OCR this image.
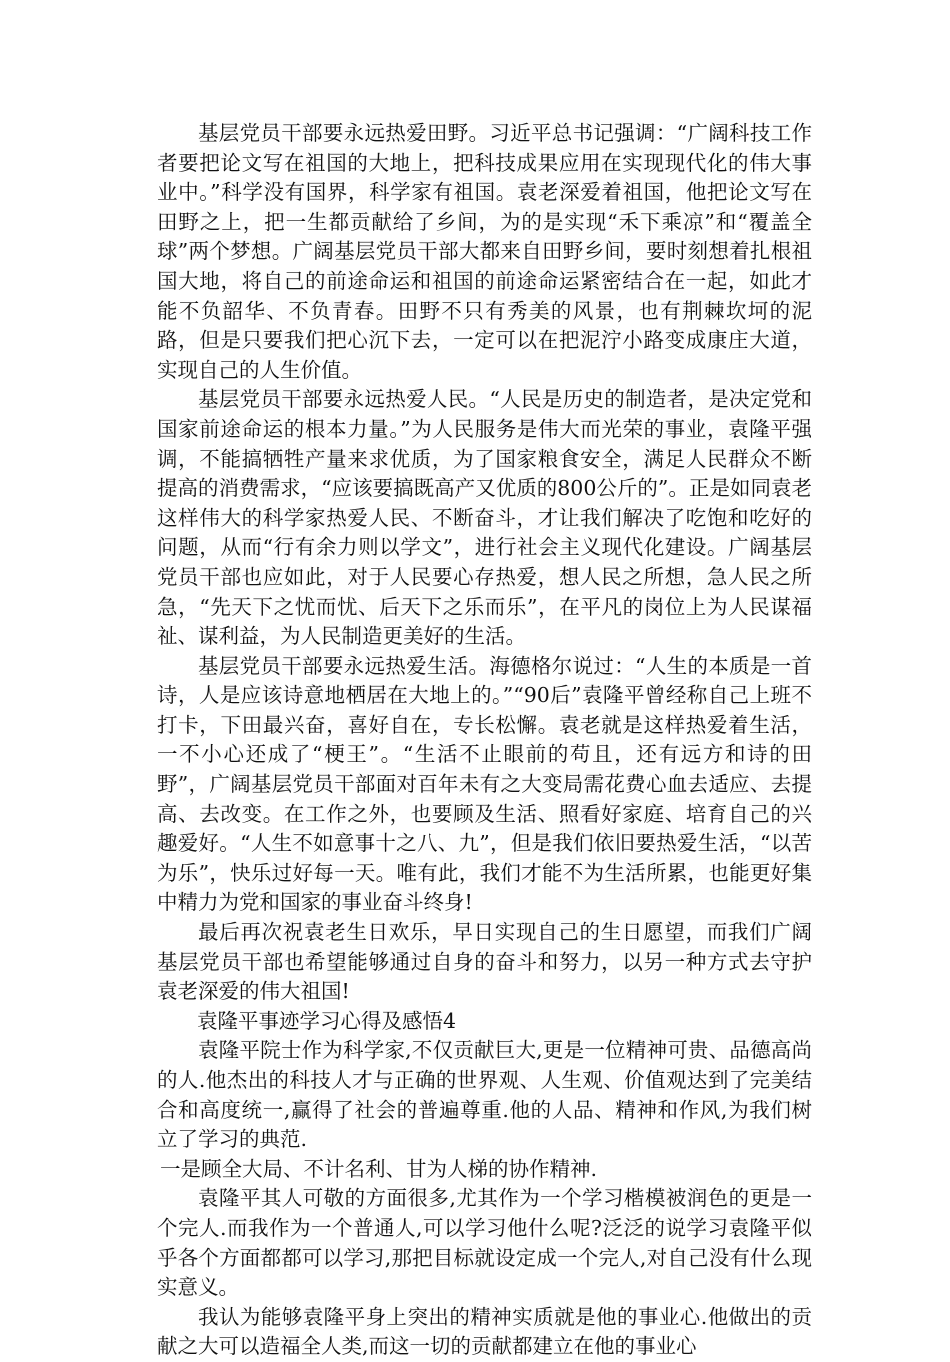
基层党员干部要永远热爱田野。习近平总书记强调：“广阔科技工作者要把论文写在祖国的大地上，把科技成果应用在实现现代化的伟大事业中。”科学没有国界，科学家有祖国。袁老深爱着祖国，他把论文写在田野之上，把一生都贡献给了乡间，为的是实现“禾下乘凉”和“覆盖全球”两个梦想。广阔基层党员干部大都来自田野乡间，要时刻想着扎根祖国大地，将自己的前途命运和祖国的前途命运紧密结合在一起，如此才能不负韶华、不负青春。田野不只有秀美的风景，也有荆棘坎坷的泥路，但是只要我们把心沉下去，一定可以在把泥泞小路变成康庄大道，实现自己的人生价值。

基层党员干部要永远热爱人民。“人民是历史的制造者，是决定党和国家前途命运的根本力量。”为人民服务是伟大而光荣的事业，袁隆平强调，不能搞牺牲产量来求优质，为了国家粮食安全，满足人民群众不断提高的消费需求，“应该要搞既高产又优质的800公斤的”。正是如同袁老这样伟大的科学家热爱人民、不断奋斗，才让我们解决了吃饱和吃好的问题，从而“行有余力则以学文”，进行社会主义现代化建设。广阔基层党员干部也应如此，对于人民要心存热爱，想人民之所想，急人民之所急，“先天下之忧而忧、后天下之乐而乐”，在平凡的岗位上为人民谋福祉、谋利益，为人民制造更美好的生活。

基层党员干部要永远热爱生活。海德格尔说过：“人生的本质是一首诗，人是应该诗意地栖居在大地上的。”“90后”袁隆平曾经称自己上班不打卡，下田最兴奋，喜好自在，专长松懈。袁老就是这样热爱着生活，一不小心还成了“梗王”。“生活不止眼前的苟且，还有远方和诗的田野”，广阔基层党员干部面对百年未有之大变局需花费心血去适应、去提高、去改变。在工作之外，也要顾及生活、照看好家庭、培育自己的兴趣爱好。“人生不如意事十之八、九”，但是我们依旧要热爱生活，“以苦为乐”，快乐过好每一天。唯有此，我们才能不为生活所累，也能更好集中精力为党和国家的事业奋斗终身!

最后再次祝袁老生日欢乐，早日实现自己的生日愿望，而我们广阔基层党员干部也希望能够通过自身的奋斗和努力，以另一种方式去守护袁老深爱的伟大祖国!

袁隆平事迹学习心得及感悟4

袁隆平院士作为科学家,不仅贡献巨大,更是一位精神可贵、品德高尚的人.他杰出的科技人才与正确的世界观、人生观、价值观达到了完美结合和高度统一,赢得了社会的普遍尊重.他的人品、精神和作风,为我们树立了学习的典范.

一是顾全大局、不计名利、甘为人梯的协作精神.

袁隆平其人可敬的方面很多,尤其作为一个学习楷模被润色的更是一个完人.而我作为一个普通人,可以学习他什么呢?泛泛的说学习袁隆平似乎各个方面都都可以学习,那把目标就设定成一个完人,对自己没有什么现实意义。

我认为能够袁隆平身上突出的精神实质就是他的事业心.他做出的贡献之大可以造福全人类,而这一切的贡献都建立在他的事业心
